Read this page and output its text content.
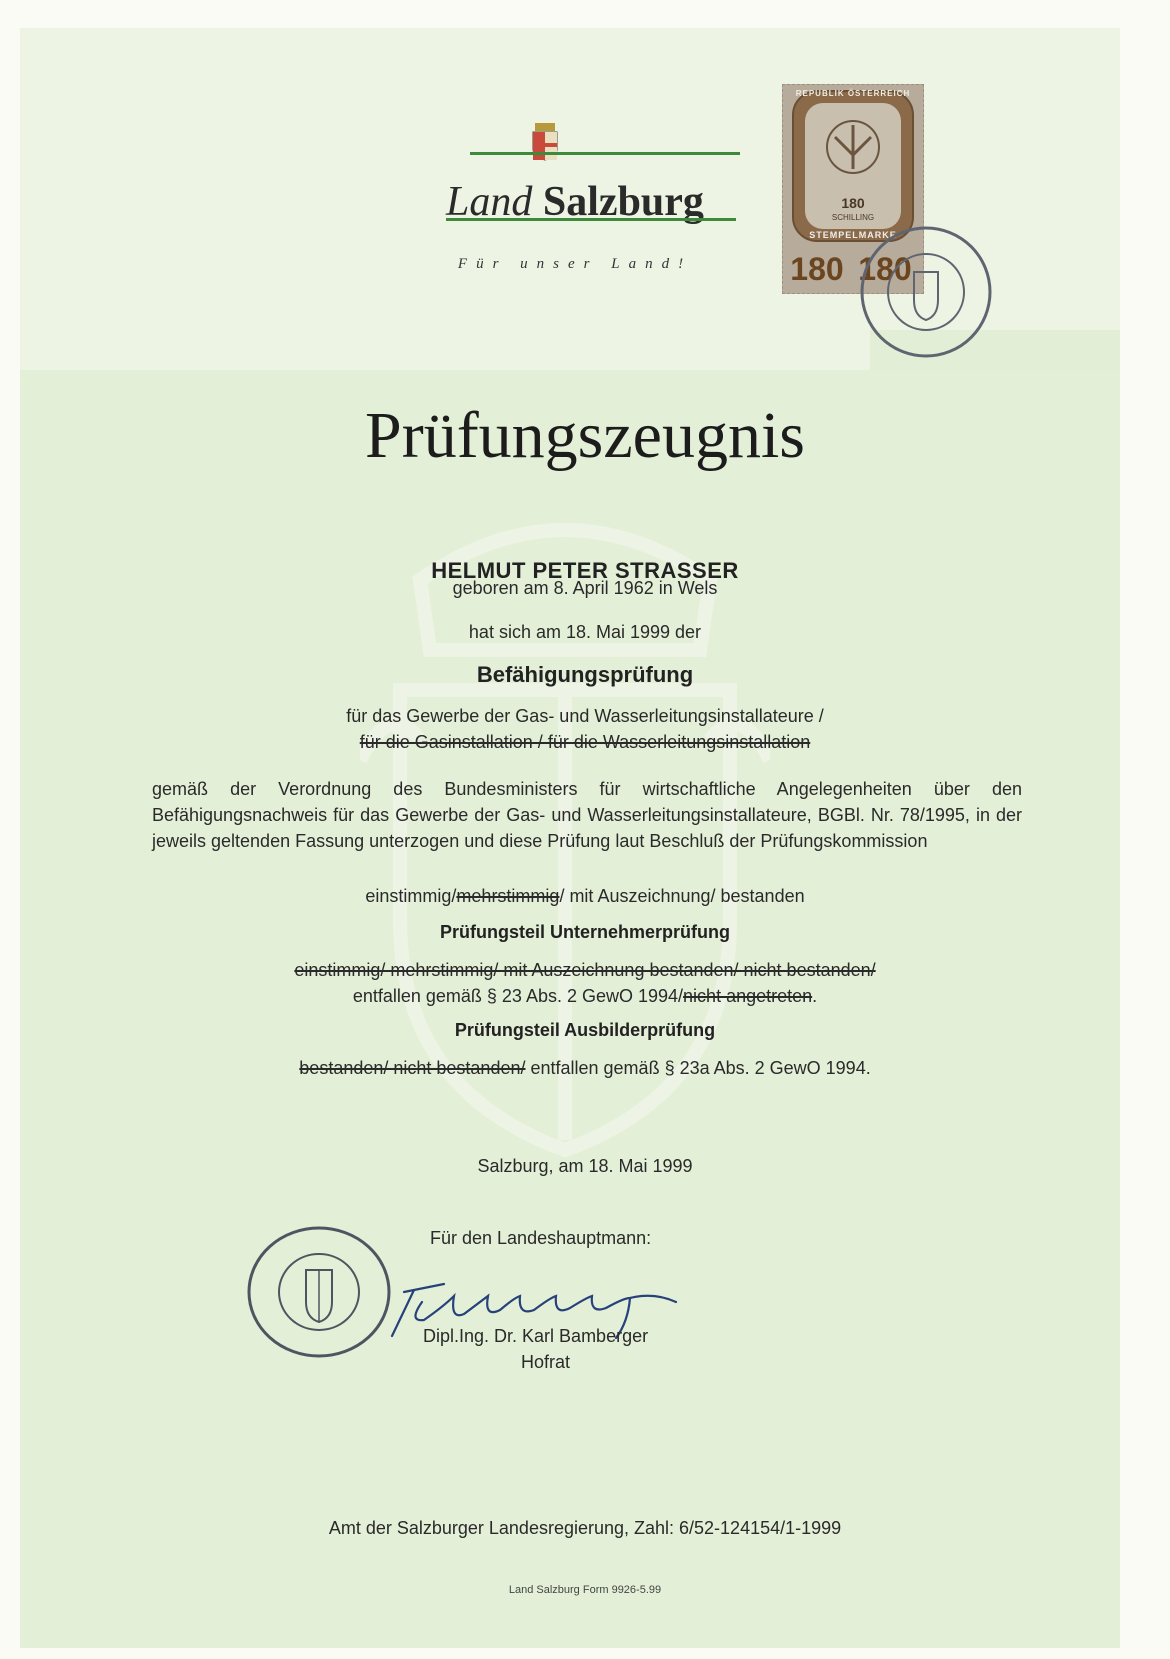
Land Salzburg
Für unser Land!
180
SCHILLING
STEMPELMARKE
REPUBLIK ÖSTERREICH
180 180
Prüfungszeugnis
HELMUT PETER STRASSER
geboren am 8. April 1962 in Wels
hat sich am 18. Mai 1999 der
Befähigungsprüfung
für das Gewerbe der Gas- und Wasserleitungsinstallateure /
für die Gasinstallation / für die Wasserleitungsinstallation
gemäß der Verordnung des Bundesministers für wirtschaftliche Angelegenheiten über den Befähigungsnachweis für das Gewerbe der Gas- und Wasserleitungsinstallateure, BGBl. Nr. 78/1995, in der jeweils geltenden Fassung unterzogen und diese Prüfung laut Beschluß der Prüfungskommission
einstimmig/mehrstimmig/ mit Auszeichnung/ bestanden
Prüfungsteil Unternehmerprüfung
einstimmig/ mehrstimmig/ mit Auszeichnung bestanden/ nicht bestanden/
entfallen gemäß § 23 Abs. 2 GewO 1994/nicht angetreten.
Prüfungsteil Ausbilderprüfung
bestanden/ nicht bestanden/ entfallen gemäß § 23a Abs. 2 GewO 1994.
Salzburg, am 18. Mai 1999
Für den Landeshauptmann:
Dipl.Ing. Dr. Karl Bamberger
Hofrat
Amt der Salzburger Landesregierung, Zahl: 6/52-124154/1-1999
Land Salzburg Form 9926-5.99
